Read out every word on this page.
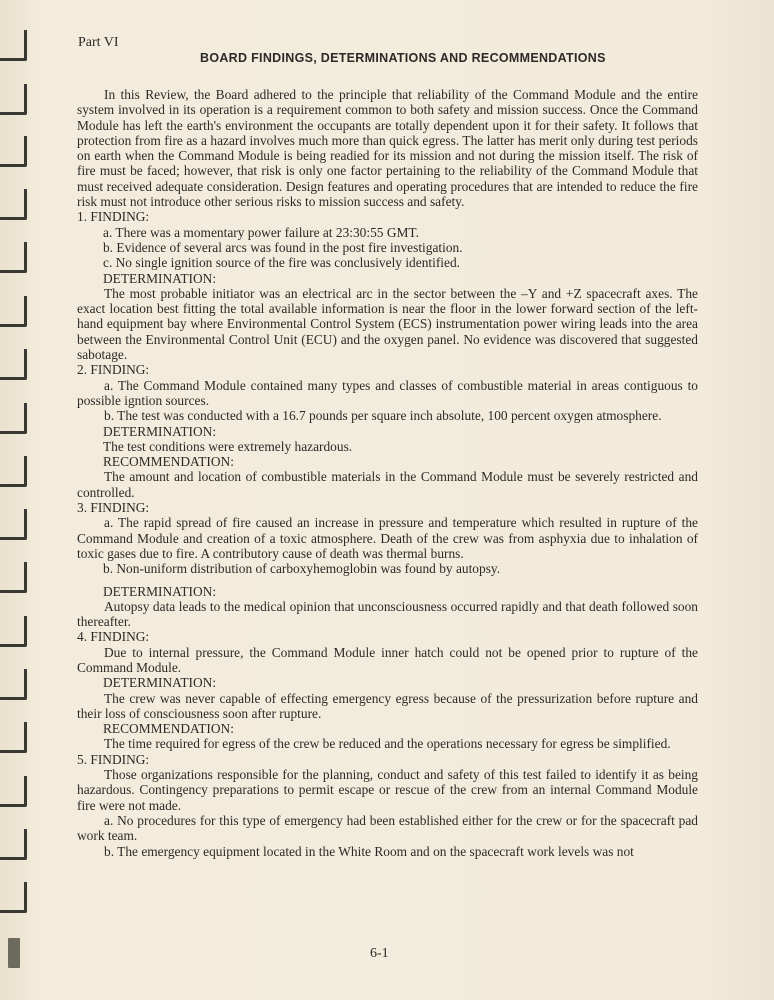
Part VI
BOARD FINDINGS, DETERMINATIONS AND RECOMMENDATIONS

In this Review, the Board adhered to the principle that reliability of the Command Module and the entire system involved in its operation is a requirement common to both safety and mission success. Once the Command Module has left the earth's environment the occupants are totally dependent upon it for their safety. It follows that protection from fire as a hazard involves much more than quick egress. The latter has merit only during test periods on earth when the Command Module is being readied for its mission and not during the mission itself. The risk of fire must be faced; however, that risk is only one factor pertaining to the reliability of the Command Module that must received adequate consideration. Design features and operating procedures that are intended to reduce the fire risk must not introduce other serious risks to mission success and safety.

1. FINDING:

a. There was a momentary power failure at 23:30:55 GMT.

b. Evidence of several arcs was found in the post fire investigation.

c. No single ignition source of the fire was conclusively identified.

DETERMINATION:

The most probable initiator was an electrical arc in the sector between the –Y and +Z spacecraft axes. The exact location best fitting the total available information is near the floor in the lower forward section of the left-hand equipment bay where Environmental Control System (ECS) instrumentation power wiring leads into the area between the Environmental Control Unit (ECU) and the oxygen panel. No evidence was discovered that suggested sabotage.

2. FINDING:

a. The Command Module contained many types and classes of combustible material in areas contiguous to possible igntion sources.

b. The test was conducted with a 16.7 pounds per square inch absolute, 100 percent oxygen atmosphere.

DETERMINATION:

The test conditions were extremely hazardous.

RECOMMENDATION:

The amount and location of combustible materials in the Command Module must be severely restricted and controlled.

3. FINDING:

a. The rapid spread of fire caused an increase in pressure and temperature which resulted in rupture of the Command Module and creation of a toxic atmosphere. Death of the crew was from asphyxia due to inhalation of toxic gases due to fire. A contributory cause of death was thermal burns.

b. Non-uniform distribution of carboxyhemoglobin was found by autopsy.

DETERMINATION:

Autopsy data leads to the medical opinion that unconsciousness occurred rapidly and that death followed soon thereafter.

4. FINDING:

Due to internal pressure, the Command Module inner hatch could not be opened prior to rupture of the Command Module.

DETERMINATION:

The crew was never capable of effecting emergency egress because of the pressurization before rupture and their loss of consciousness soon after rupture.

RECOMMENDATION:

The time required for egress of the crew be reduced and the operations necessary for egress be simplified.

5. FINDING:

Those organizations responsible for the planning, conduct and safety of this test failed to identify it as being hazardous. Contingency preparations to permit escape or rescue of the crew from an internal Command Module fire were not made.

a. No procedures for this type of emergency had been established either for the crew or for the spacecraft pad work team.

b. The emergency equipment located in the White Room and on the spacecraft work levels was not

6-1
